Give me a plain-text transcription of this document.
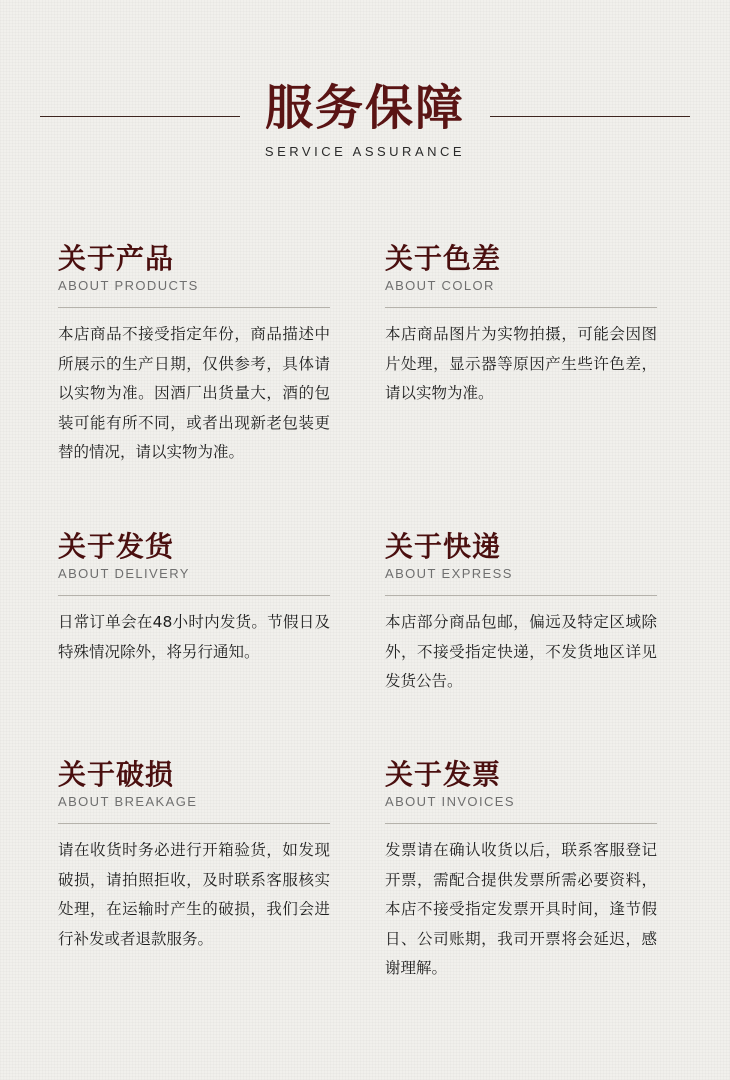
服务保障
SERVICE ASSURANCE
关于产品
ABOUT PRODUCTS
本店商品不接受指定年份，商品描述中所展示的生产日期，仅供参考，具体请以实物为准。因酒厂出货量大，酒的包装可能有所不同，或者出现新老包装更替的情况，请以实物为准。
关于色差
ABOUT COLOR
本店商品图片为实物拍摄，可能会因图片处理，显示器等原因产生些许色差，请以实物为准。
关于发货
ABOUT DELIVERY
日常订单会在48小时内发货。节假日及特殊情况除外，将另行通知。
关于快递
ABOUT EXPRESS
本店部分商品包邮，偏远及特定区域除外，不接受指定快递，不发货地区详见发货公告。
关于破损
ABOUT BREAKAGE
请在收货时务必进行开箱验货，如发现破损，请拍照拒收，及时联系客服核实处理，在运输时产生的破损，我们会进行补发或者退款服务。
关于发票
ABOUT INVOICES
发票请在确认收货以后，联系客服登记开票，需配合提供发票所需必要资料，本店不接受指定发票开具时间，逢节假日、公司账期，我司开票将会延迟，感谢理解。
